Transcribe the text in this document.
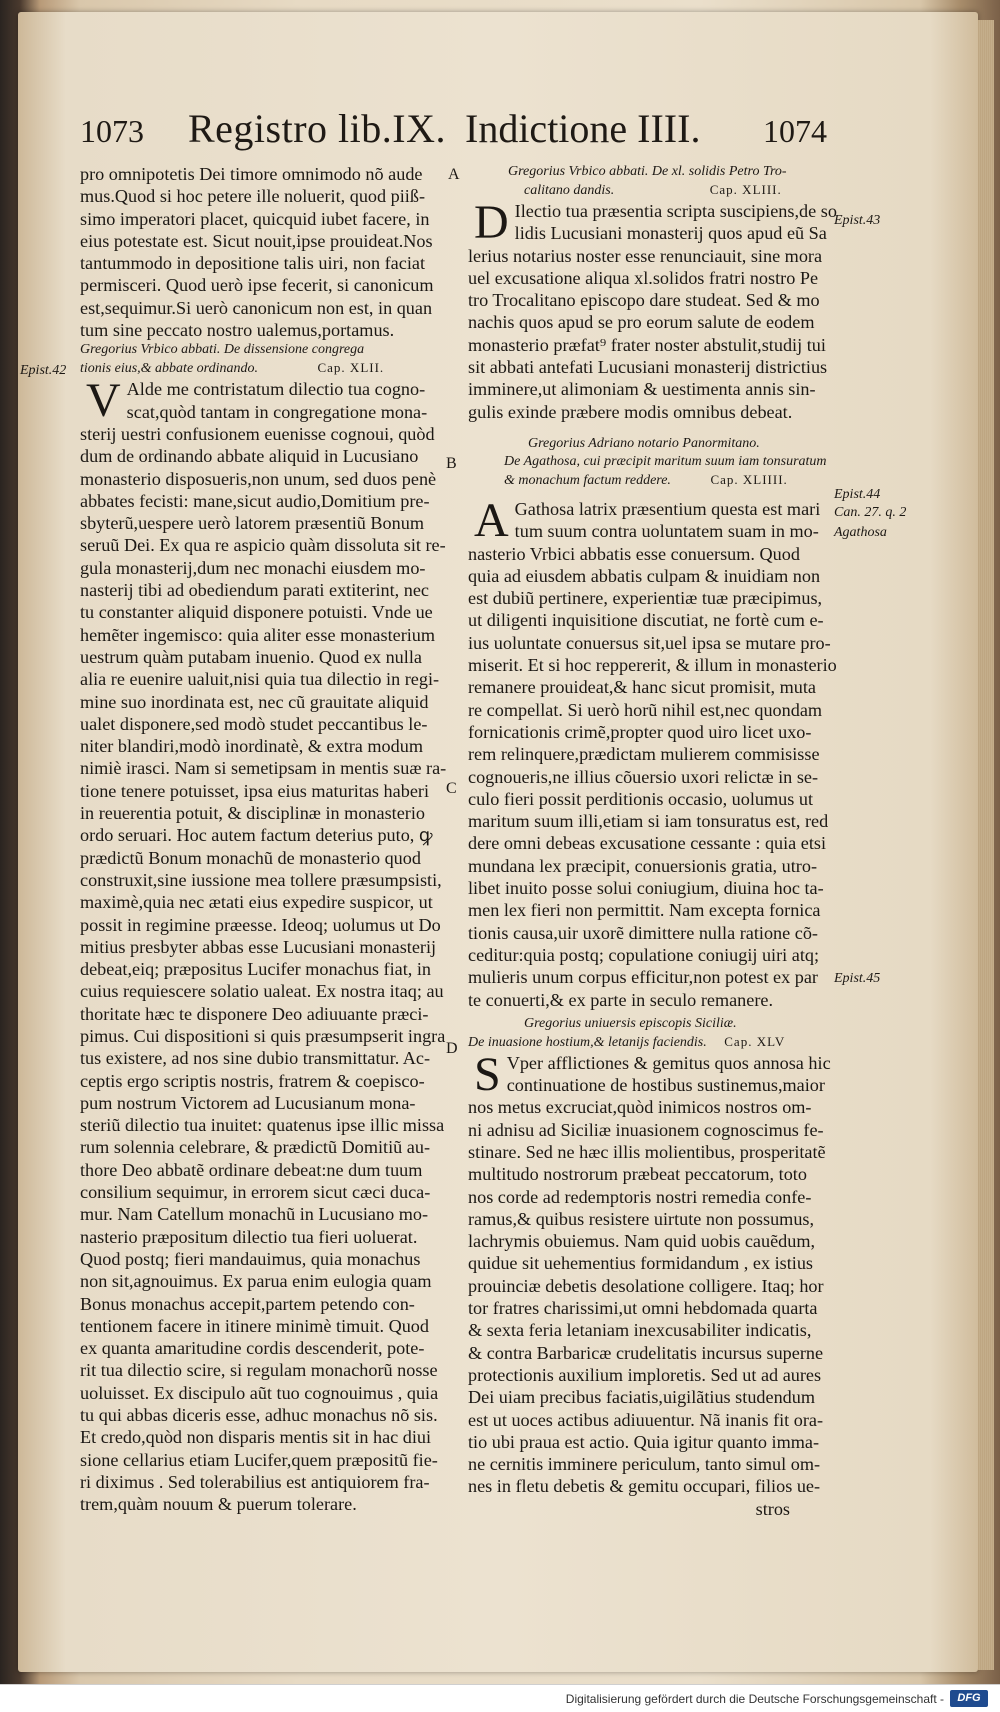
1073 Registro lib.IX. Indictione IIII. 1074
pro omnipotetis Dei timore omnimodo nõ aude
mus.Quod si hoc petere ille noluerit, quod piiß-
simo imperatori placet, quicquid iubet facere, in
eius potestate est. Sicut nouit,ipse prouideat.Nos
tantummodo in depositione talis uiri, non faciat
permisceri. Quod uerò ipse fecerit, si canonicum
est,sequimur.Si uerò canonicum non est, in quan
tum sine peccato nostro ualemus,portamus.
Gregorius Vrbico abbati. De dissensione congrega
tionis eius,& abbate ordinando.	Cap. XLII.
V Alde me contristatum dilectio tua cogno-
scat,quòd tantam in congregatione mona-
sterij uestri confusionem euenisse cognoui, quòd
dum de ordinando abbate aliquid in Lucusiano
monasterio disposueris,non unum, sed duos penè
abbates fecisti: mane,sicut audio,Domitium pre-
sbyterũ,uespere uerò latorem præsentiũ Bonum
seruũ Dei. Ex qua re aspicio quàm dissoluta sit re-
gula monasterij,dum nec monachi eiusdem mo-
nasterij tibi ad obediendum parati extiterint, nec
tu constanter aliquid disponere potuisti. Vnde ue
hemẽter ingemisco: quia aliter esse monasterium
uestrum quàm putabam inuenio. Quod ex nulla
alia re euenire ualuit,nisi quia tua dilectio in regi-
mine suo inordinata est, nec cũ grauitate aliquid
ualet disponere,sed modò studet peccantibus le-
niter blandiri,modò inordinatè, & extra modum
nimiè irasci. Nam si semetipsam in mentis suæ ra-
tione tenere potuisset, ipsa eius maturitas haberi
in reuerentia potuit, & disciplinæ in monasterio
ordo seruari. Hoc autem factum deterius puto, ꝙ
prædictũ Bonum monachũ de monasterio quod
construxit,sine iussione mea tollere præsumpsisti,
maximè,quia nec ætati eius expedire suspicor, ut
possit in regimine præesse. Ideoq; uolumus ut Do
mitius presbyter abbas esse Lucusiani monasterij
debeat,eiq; præpositus Lucifer monachus fiat, in
cuius requiescere solatio ualeat. Ex nostra itaq; au
thoritate hæc te disponere Deo adiuuante præci-
pimus. Cui dispositioni si quis præsumpserit ingra
tus existere, ad nos sine dubio transmittatur. Ac-
ceptis ergo scriptis nostris, fratrem & coepisco-
pum nostrum Victorem ad Lucusianum mona-
steriũ dilectio tua inuitet: quatenus ipse illic missa
rum solennia celebrare, & prædictũ Domitiũ au-
thore Deo abbatẽ ordinare debeat:ne dum tuum
consilium sequimur, in errorem sicut cæci duca-
mur. Nam Catellum monachũ in Lucusiano mo-
nasterio præpositum dilectio tua fieri uoluerat.
Quod postq; fieri mandauimus, quia monachus
non sit,agnouimus. Ex parua enim eulogia quam
Bonus monachus accepit,partem petendo con-
tentionem facere in itinere minimè timuit. Quod
ex quanta amaritudine cordis descenderit, pote-
rit tua dilectio scire, si regulam monachorũ nosse
uoluisset. Ex discipulo aũt tuo cognouimus , quia
tu qui abbas diceris esse, adhuc monachus nõ sis.
Et credo,quòd non disparis mentis sit in hac diui
sione cellarius etiam Lucifer,quem præpositũ fie-
ri diximus . Sed tolerabilius est antiquiorem fra-
trem,quàm nouum & puerum tolerare.
Gregorius Vrbico abbati. De xl. solidis Petro Tro-
calitano dandis.	Cap. XLIII.
D Ilectio tua præsentia scripta suscipiens,de so
lidis Lucusiani monasterij quos apud eũ Sa
lerius notarius noster esse renunciauit, sine mora
uel excusatione aliqua xl.solidos fratri nostro Pe
tro Trocalitano episcopo dare studeat. Sed & mo
nachis quos apud se pro eorum salute de eodem
monasterio præfat⁹ frater noster abstulit,studij tui
sit abbati antefati Lucusiani monasterij districtius
imminere,ut alimoniam & uestimenta annis sin-
gulis exinde præbere modis omnibus debeat.
Gregorius Adriano notario Panormitano.
De Agathosa, cui præcipit maritum suum iam tonsuratum
& monachum factum reddere.	Cap. XLIIII.
A Gathosa latrix præsentium questa est mari
tum suum contra uoluntatem suam in mo-
nasterio Vrbici abbatis esse conuersum. Quod
quia ad eiusdem abbatis culpam & inuidiam non
est dubiũ pertinere, experientiæ tuæ præcipimus,
ut diligenti inquisitione discutiat, ne fortè cum e-
ius uoluntate conuersus sit,uel ipsa se mutare pro-
miserit. Et si hoc reppererit, & illum in monasterio
remanere prouideat,& hanc sicut promisit, muta
re compellat. Si uerò horũ nihil est,nec quondam
fornicationis crimẽ,propter quod uiro licet uxo-
rem relinquere,prædictam mulierem commisisse
cognoueris,ne illius cõuersio uxori relictæ in se-
culo fieri possit perditionis occasio, uolumus ut
maritum suum illi,etiam si iam tonsuratus est, red
dere omni debeas excusatione cessante : quia etsi
mundana lex præcipit, conuersionis gratia, utro-
libet inuito posse solui coniugium, diuina hoc ta-
men lex fieri non permittit. Nam excepta fornica
tionis causa,uir uxorẽ dimittere nulla ratione cõ-
ceditur:quia postq; copulatione coniugij uiri atq;
mulieris unum corpus efficitur,non potest ex par
te conuerti,& ex parte in seculo remanere.
Gregorius uniuersis episcopis Siciliæ.
De inuasione hostium,& letanijs faciendis. Cap. XLV
S Vper afflictiones & gemitus quos annosa hic
continuatione de hostibus sustinemus,maior
nos metus excruciat,quòd inimicos nostros om-
ni adnisu ad Siciliæ inuasionem cognoscimus fe-
stinare. Sed ne hæc illis molientibus, prosperitatẽ
multitudo nostrorum præbeat peccatorum, toto
nos corde ad redemptoris nostri remedia confe-
ramus,& quibus resistere uirtute non possumus,
lachrymis obuiemus. Nam quid uobis cauẽdum,
quidue sit uehementius formidandum , ex istius
prouinciæ debetis desolatione colligere. Itaq; hor
tor fratres charissimi,ut omni hebdomada quarta
& sexta feria letaniam inexcusabiliter indicatis,
& contra Barbaricæ crudelitatis incursus superne
protectionis auxilium imploretis. Sed ut ad aures
Dei uiam precibus faciatis,uigilãtius studendum
est ut uoces actibus adiuuentur. Nã inanis fit ora-
tio ubi praua est actio. Quia igitur quanto imma-
ne cernitis imminere periculum, tanto simul om-
nes in fletu debetis & gemitu occupari, filios ue-
stros
A
B
C
D
Epist.42
Epist.43
Epist.44
Can. 27. q. 2
Agathosa
Epist.45
Digitalisierung gefördert durch die Deutsche Forschungsgemeinschaft -	DFG
